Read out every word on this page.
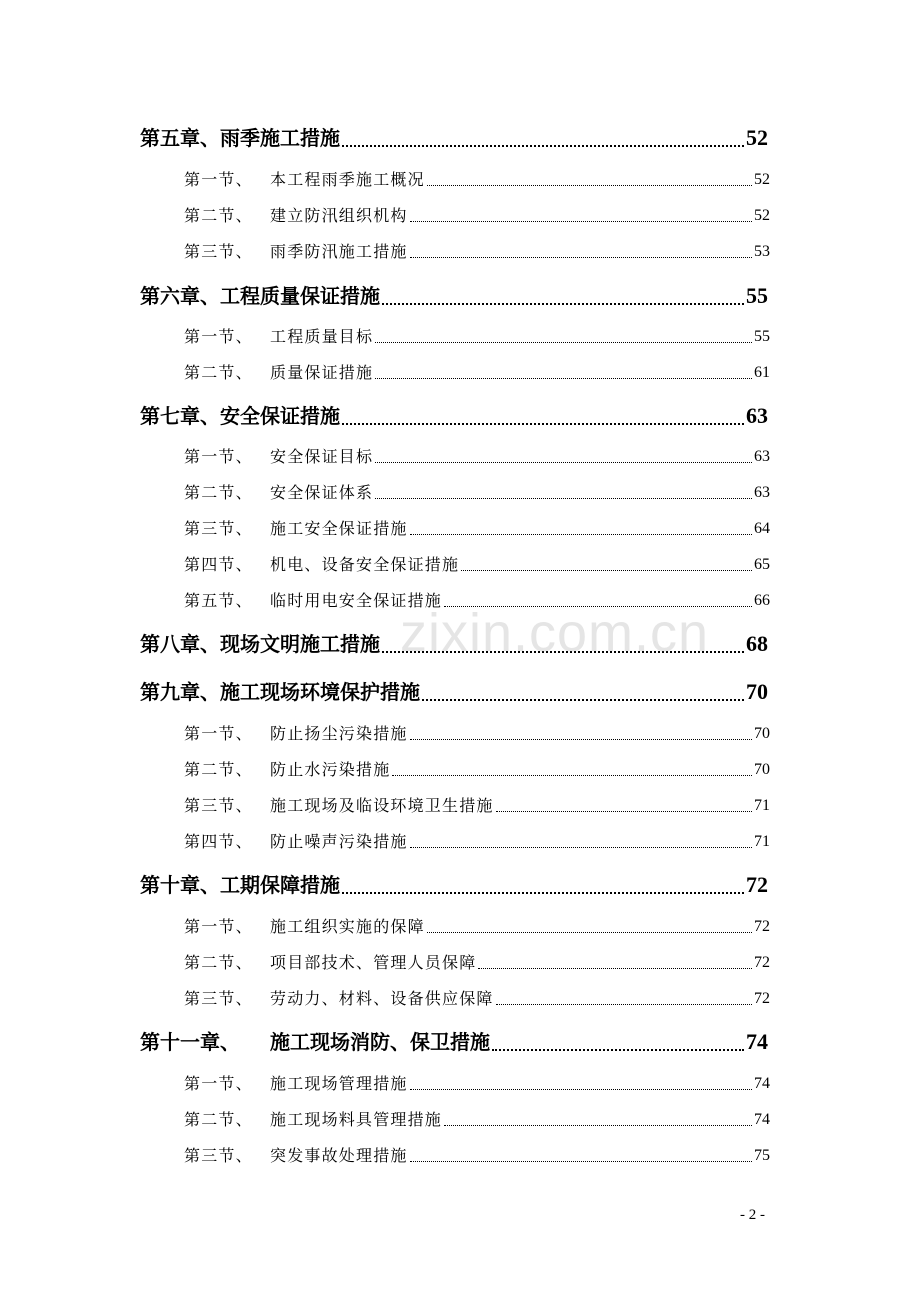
第五章、 雨季施工措施	52
第一节、	本工程雨季施工概况	52
第二节、	建立防汛组织机构	52
第三节、	雨季防汛施工措施	53
第六章、 工程质量保证措施	55
第一节、	工程质量目标	55
第二节、	质量保证措施	61
第七章、 安全保证措施	63
第一节、	安全保证目标	63
第二节、	安全保证体系	63
第三节、	施工安全保证措施	64
第四节、	机电、设备安全保证措施	65
第五节、	临时用电安全保证措施	66
第八章、 现场文明施工措施	68
第九章、 施工现场环境保护措施	70
第一节、	防止扬尘污染措施	70
第二节、	防止水污染措施	70
第三节、	施工现场及临设环境卫生措施	71
第四节、	防止噪声污染措施	71
第十章、 工期保障措施	72
第一节、	施工组织实施的保障	72
第二节、	项目部技术、管理人员保障	72
第三节、	劳动力、材料、设备供应保障	72
第十一章、	施工现场消防、保卫措施	74
第一节、	施工现场管理措施	74
第二节、	施工现场料具管理措施	74
第三节、	突发事故处理措施	75
zixin.com.cn
- 2 -
